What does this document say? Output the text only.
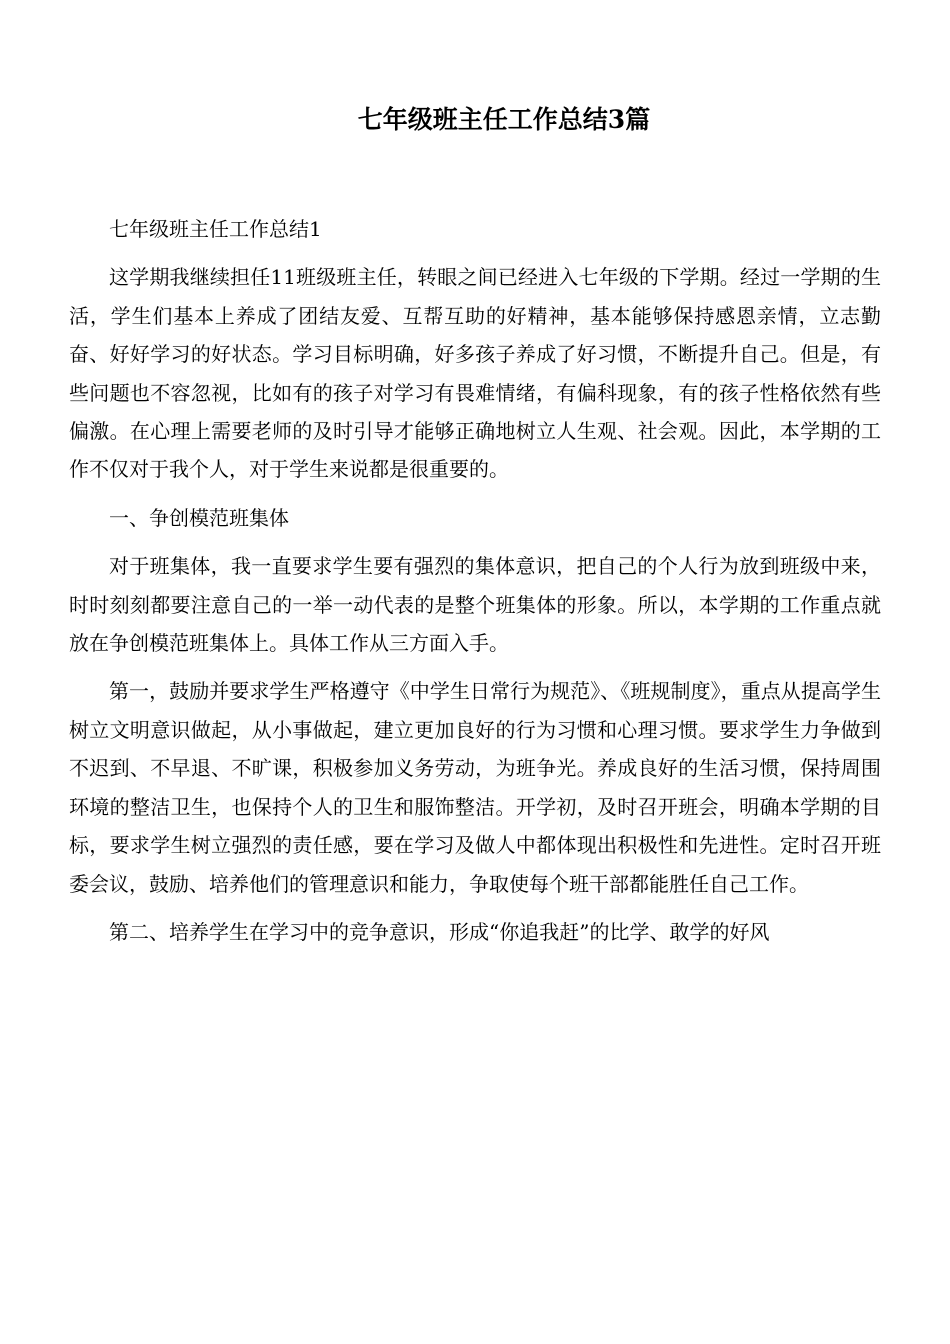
七年级班主任工作总结3篇

七年级班主任工作总结1

这学期我继续担任11班级班主任，转眼之间已经进入七年级的下学期。经过一学期的生活，学生们基本上养成了团结友爱、互帮互助的好精神，基本能够保持感恩亲情，立志勤奋、好好学习的好状态。学习目标明确，好多孩子养成了好习惯，不断提升自己。但是，有些问题也不容忽视，比如有的孩子对学习有畏难情绪，有偏科现象，有的孩子性格依然有些偏激。在心理上需要老师的及时引导才能够正确地树立人生观、社会观。因此，本学期的工作不仅对于我个人，对于学生来说都是很重要的。

一、争创模范班集体

对于班集体，我一直要求学生要有强烈的集体意识，把自己的个人行为放到班级中来，时时刻刻都要注意自己的一举一动代表的是整个班集体的形象。所以，本学期的工作重点就放在争创模范班集体上。具体工作从三方面入手。

第一，鼓励并要求学生严格遵守《中学生日常行为规范》、《班规制度》，重点从提高学生树立文明意识做起，从小事做起，建立更加良好的行为习惯和心理习惯。要求学生力争做到不迟到、不早退、不旷课，积极参加义务劳动，为班争光。养成良好的生活习惯，保持周围环境的整洁卫生，也保持个人的卫生和服饰整洁。开学初，及时召开班会，明确本学期的目标，要求学生树立强烈的责任感，要在学习及做人中都体现出积极性和先进性。定时召开班委会议，鼓励、培养他们的管理意识和能力，争取使每个班干部都能胜任自己工作。

第二、培养学生在学习中的竞争意识，形成“你追我赶”的比学、敢学的好风
